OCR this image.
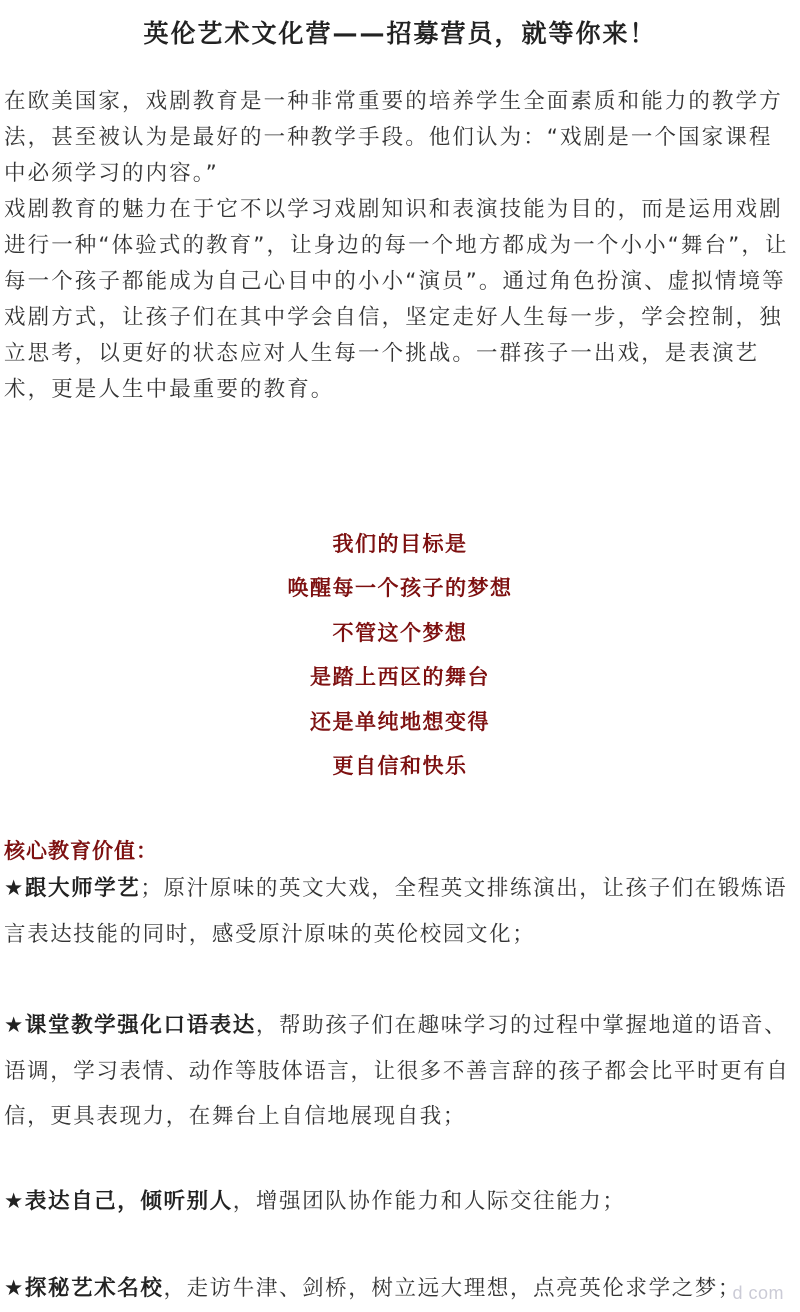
英伦艺术文化营——招募营员，就等你来！

在欧美国家，戏剧教育是一种非常重要的培养学生全面素质和能力的教学方法，甚至被认为是最好的一种教学手段。他们认为：“戏剧是一个国家课程中必须学习的内容。”

戏剧教育的魅力在于它不以学习戏剧知识和表演技能为目的，而是运用戏剧进行一种“体验式的教育”，让身边的每一个地方都成为一个小小“舞台”，让每一个孩子都能成为自己心目中的小小“演员”。通过角色扮演、虚拟情境等戏剧方式，让孩子们在其中学会自信，坚定走好人生每一步，学会控制，独立思考，以更好的状态应对人生每一个挑战。一群孩子一出戏，是表演艺术，更是人生中最重要的教育。

我们的目标是
唤醒每一个孩子的梦想
不管这个梦想
是踏上西区的舞台
还是单纯地想变得
更自信和快乐
核心教育价值：

★跟大师学艺；原汁原味的英文大戏，全程英文排练演出，让孩子们在锻炼语言表达技能的同时，感受原汁原味的英伦校园文化；

★课堂教学强化口语表达，帮助孩子们在趣味学习的过程中掌握地道的语音、语调，学习表情、动作等肢体语言，让很多不善言辞的孩子都会比平时更有自信，更具表现力，在舞台上自信地展现自我；

★表达自己，倾听别人，增强团队协作能力和人际交往能力；

★探秘艺术名校，走访牛津、剑桥，树立远大理想，点亮英伦求学之梦；

d com
